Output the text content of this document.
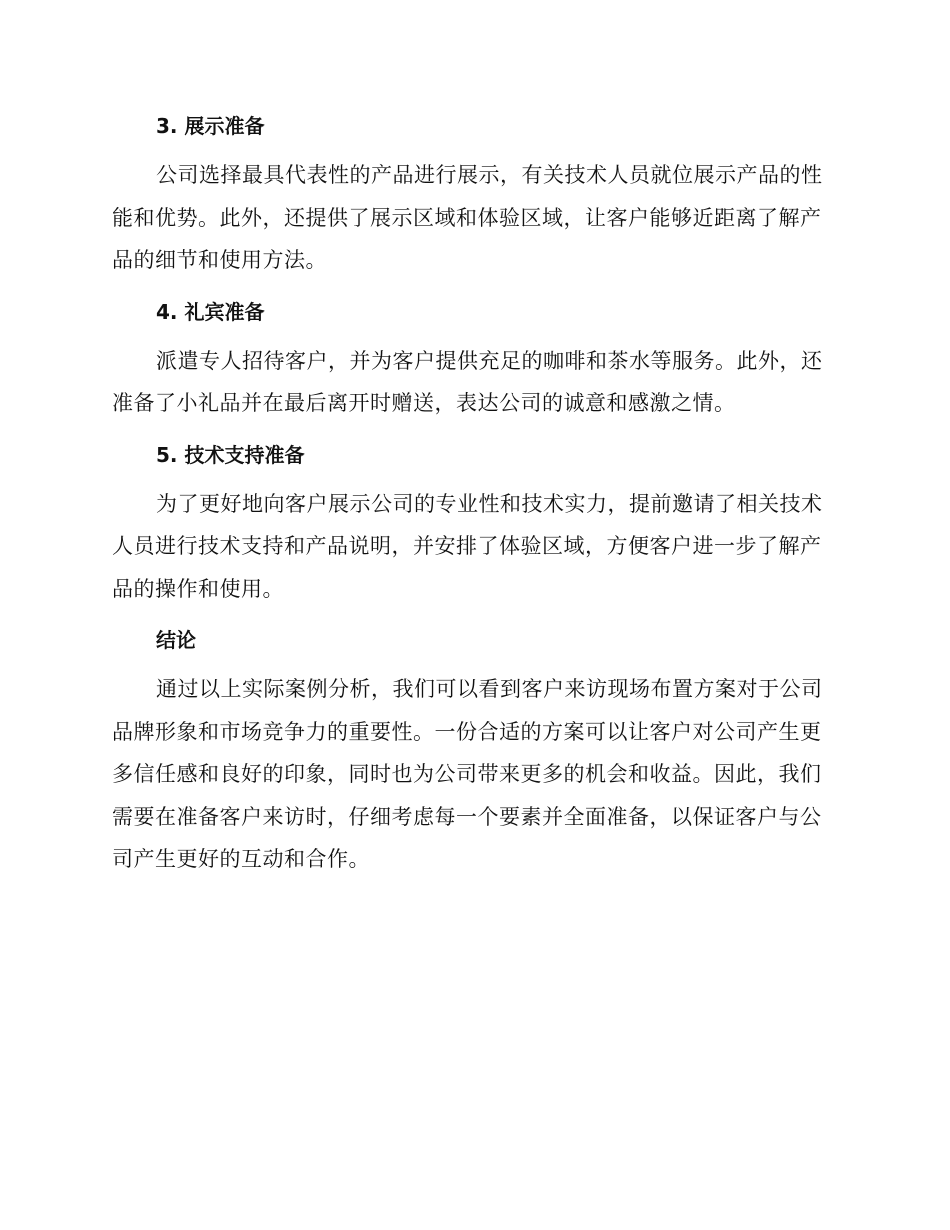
3. 展示准备
公司选择最具代表性的产品进行展示，有关技术人员就位展示产品的性
能和优势。此外，还提供了展示区域和体验区域，让客户能够近距离了解产
品的细节和使用方法。
4. 礼宾准备
派遣专人招待客户，并为客户提供充足的咖啡和茶水等服务。此外，还
准备了小礼品并在最后离开时赠送，表达公司的诚意和感激之情。
5. 技术支持准备
为了更好地向客户展示公司的专业性和技术实力，提前邀请了相关技术
人员进行技术支持和产品说明，并安排了体验区域，方便客户进一步了解产
品的操作和使用。
结论
通过以上实际案例分析，我们可以看到客户来访现场布置方案对于公司
品牌形象和市场竞争力的重要性。一份合适的方案可以让客户对公司产生更
多信任感和良好的印象，同时也为公司带来更多的机会和收益。因此，我们
需要在准备客户来访时，仔细考虑每一个要素并全面准备，以保证客户与公
司产生更好的互动和合作。
